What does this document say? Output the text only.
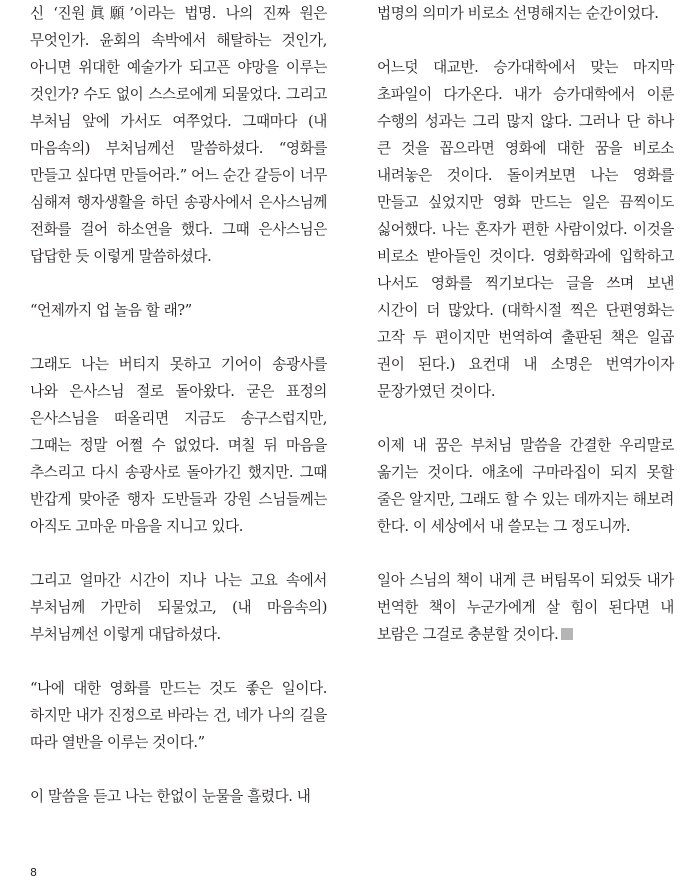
신 ‘진원眞願’이라는 법명. 나의 진짜 원은 무엇인가. 윤회의 속박에서 해탈하는 것인가, 아니면 위대한 예술가가 되고픈 야망을 이루는 것인가? 수도 없이 스스로에게 되물었다. 그리고 부처님 앞에 가서도 여쭈었다. 그때마다 (내 마음속의) 부처님께선 말씀하셨다. “영화를 만들고 싶다면 만들어라.” 어느 순간 갈등이 너무 심해져 행자생활을 하던 송광사에서 은사스님께 전화를 걸어 하소연을 했다. 그때 은사스님은 답답한 듯 이렇게 말씀하셨다.

“언제까지 업 놀음 할 래?”

그래도 나는 버티지 못하고 기어이 송광사를 나와 은사스님 절로 돌아왔다. 굳은 표정의 은사스님을 떠올리면 지금도 송구스럽지만, 그때는 정말 어쩔 수 없었다. 며칠 뒤 마음을 추스리고 다시 송광사로 돌아가긴 했지만. 그때 반갑게 맞아준 행자 도반들과 강원 스님들께는 아직도 고마운 마음을 지니고 있다.

그리고 얼마간 시간이 지나 나는 고요 속에서 부처님께 가만히 되물었고, (내 마음속의) 부처님께선 이렇게 대답하셨다.

“나에 대한 영화를 만드는 것도 좋은 일이다. 하지만 내가 진정으로 바라는 건, 네가 나의 길을 따라 열반을 이루는 것이다.”

이 말씀을 듣고 나는 한없이 눈물을 흘렸다. 내

법명의 의미가 비로소 선명해지는 순간이었다.

어느덧 대교반. 승가대학에서 맞는 마지막 초파일이 다가온다. 내가 승가대학에서 이룬 수행의 성과는 그리 많지 않다. 그러나 단 하나 큰 것을 꼽으라면 영화에 대한 꿈을 비로소 내려놓은 것이다. 돌이켜보면 나는 영화를 만들고 싶었지만 영화 만드는 일은 끔찍이도 싫어했다. 나는 혼자가 편한 사람이었다. 이것을 비로소 받아들인 것이다. 영화학과에 입학하고 나서도 영화를 찍기보다는 글을 쓰며 보낸 시간이 더 많았다. (대학시절 찍은 단편영화는 고작 두 편이지만 번역하여 출판된 책은 일곱 권이 된다.) 요컨대 내 소명은 번역가이자 문장가였던 것이다.

이제 내 꿈은 부처님 말씀을 간결한 우리말로 옮기는 것이다. 애초에 구마라집이 되지 못할 줄은 알지만, 그래도 할 수 있는 데까지는 해보려 한다. 이 세상에서 내 쓸모는 그 정도니까.

일아 스님의 책이 내게 큰 버팀목이 되었듯 내가 번역한 책이 누군가에게 살 힘이 된다면 내 보람은 그걸로 충분할 것이다.

8
